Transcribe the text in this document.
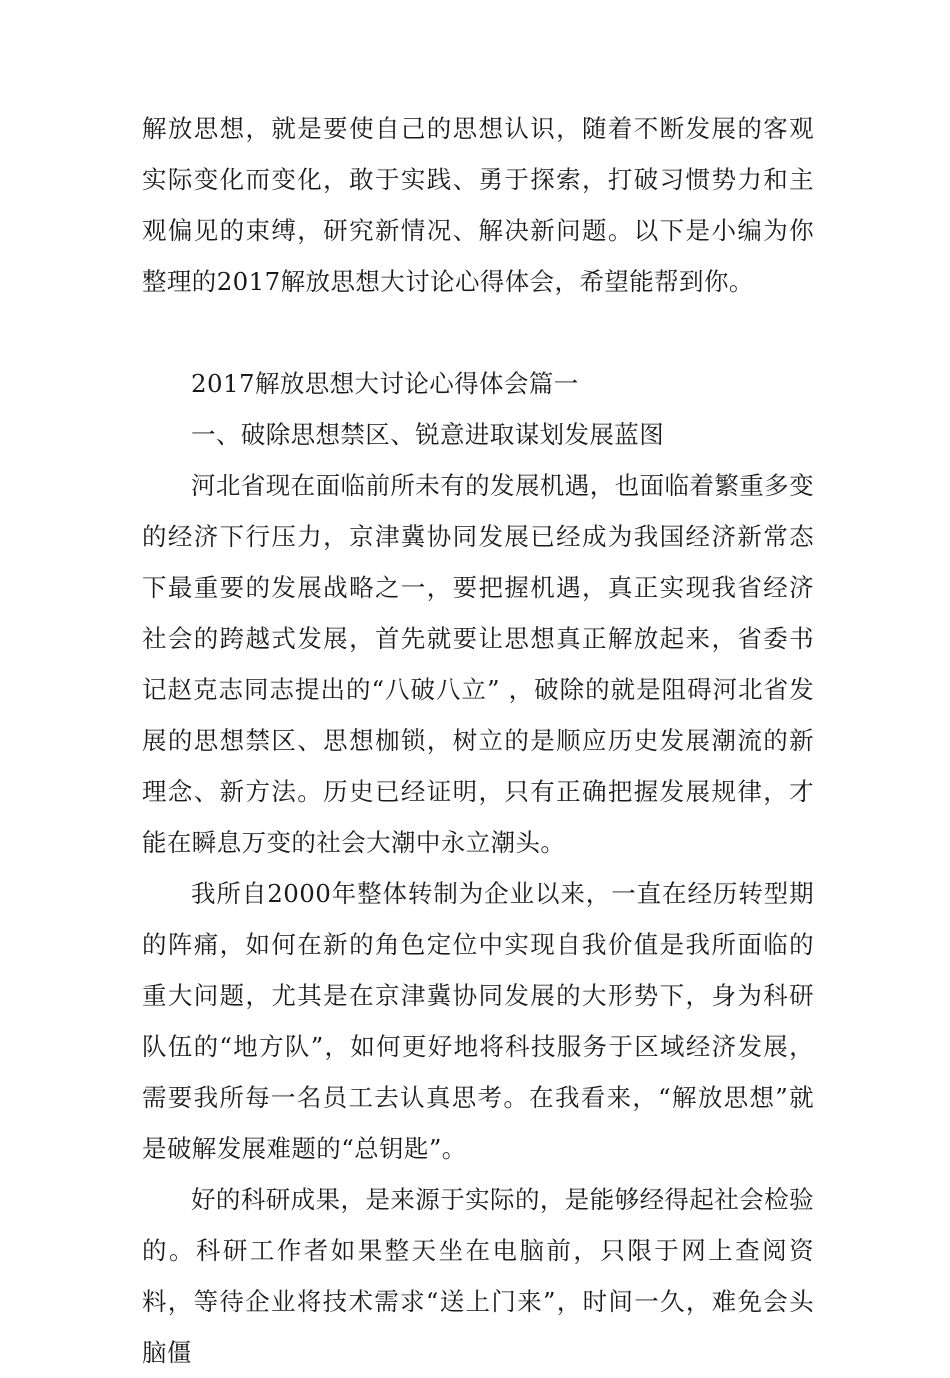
解放思想，就是要使自己的思想认识，随着不断发展的客观实际变化而变化，敢于实践、勇于探索，打破习惯势力和主观偏见的束缚，研究新情况、解决新问题。以下是小编为你整理的2017解放思想大讨论心得体会，希望能帮到你。

2017解放思想大讨论心得体会篇一

一、破除思想禁区、锐意进取谋划发展蓝图

河北省现在面临前所未有的发展机遇，也面临着繁重多变的经济下行压力，京津冀协同发展已经成为我国经济新常态下最重要的发展战略之一，要把握机遇，真正实现我省经济社会的跨越式发展，首先就要让思想真正解放起来，省委书记赵克志同志提出的“八破八立” ，破除的就是阻碍河北省发展的思想禁区、思想枷锁，树立的是顺应历史发展潮流的新理念、新方法。历史已经证明，只有正确把握发展规律，才能在瞬息万变的社会大潮中永立潮头。

我所自2000年整体转制为企业以来，一直在经历转型期的阵痛，如何在新的角色定位中实现自我价值是我所面临的重大问题，尤其是在京津冀协同发展的大形势下，身为科研队伍的“地方队”，如何更好地将科技服务于区域经济发展，需要我所每一名员工去认真思考。在我看来，“解放思想”就是破解发展难题的“总钥匙”。

好的科研成果，是来源于实际的，是能够经得起社会检验的。科研工作者如果整天坐在电脑前，只限于网上查阅资料，等待企业将技术需求“送上门来”，时间一久，难免会头脑僵
